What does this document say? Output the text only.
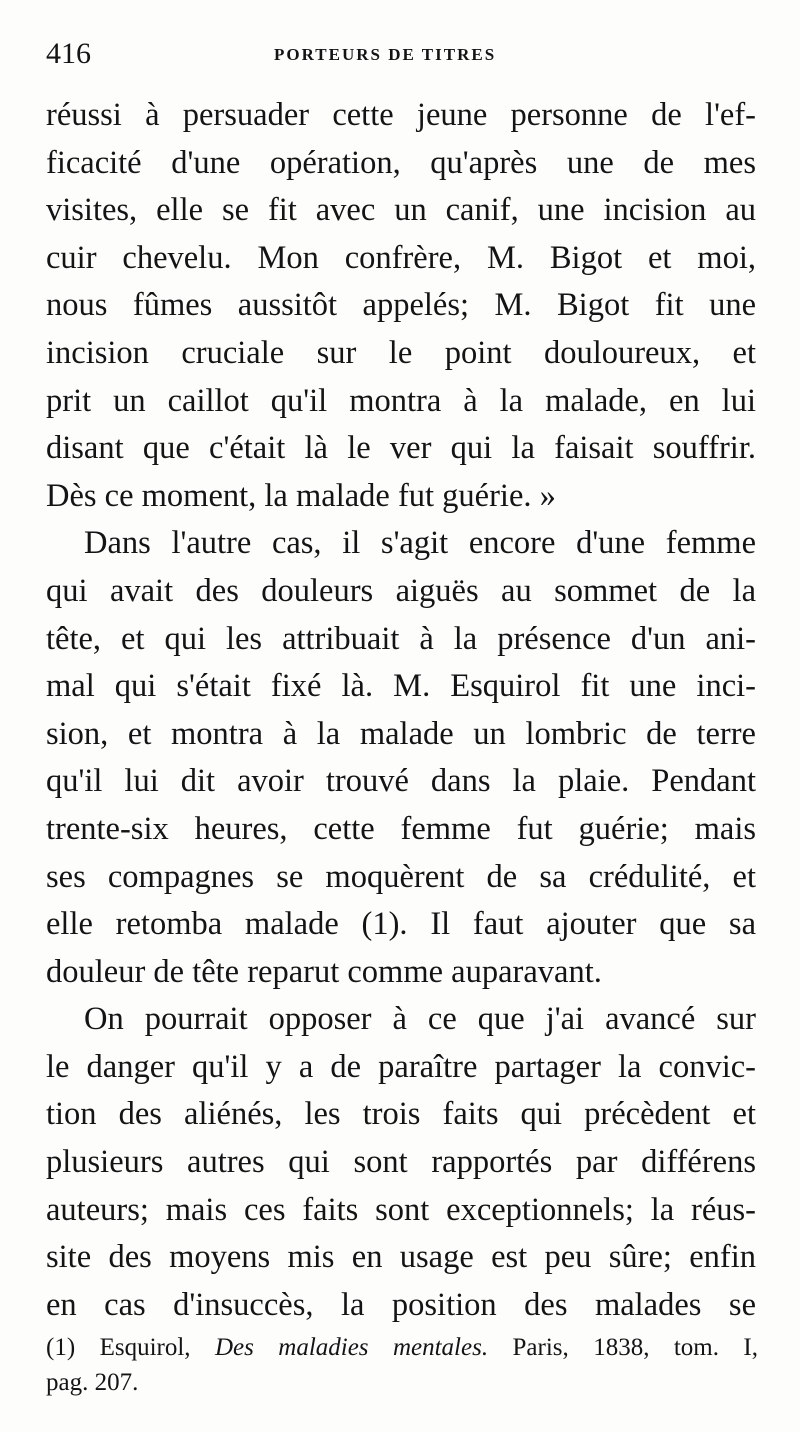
416	PORTEURS DE TITRES
réussi à persuader cette jeune personne de l'ef-
ficacité d'une opération, qu'après une de mes
visites, elle se fit avec un canif, une incision au
cuir chevelu. Mon confrère, M. Bigot et moi,
nous fûmes aussitôt appelés; M. Bigot fit une
incision cruciale sur le point douloureux, et
prit un caillot qu'il montra à la malade, en lui
disant que c'était là le ver qui la faisait souffrir.
Dès ce moment, la malade fut guérie. »
Dans l'autre cas, il s'agit encore d'une femme
qui avait des douleurs aiguës au sommet de la
tête, et qui les attribuait à la présence d'un ani-
mal qui s'était fixé là. M. Esquirol fit une inci-
sion, et montra à la malade un lombric de terre
qu'il lui dit avoir trouvé dans la plaie. Pendant
trente-six heures, cette femme fut guérie; mais
ses compagnes se moquèrent de sa crédulité, et
elle retomba malade (1). Il faut ajouter que sa
douleur de tête reparut comme auparavant.
On pourrait opposer à ce que j'ai avancé sur
le danger qu'il y a de paraître partager la convic-
tion des aliénés, les trois faits qui précèdent et
plusieurs autres qui sont rapportés par différens
auteurs; mais ces faits sont exceptionnels; la réus-
site des moyens mis en usage est peu sûre; enfin
en cas d'insuccès, la position des malades se
(1) Esquirol, Des maladies mentales. Paris, 1838, tom. I,
pag. 207.
